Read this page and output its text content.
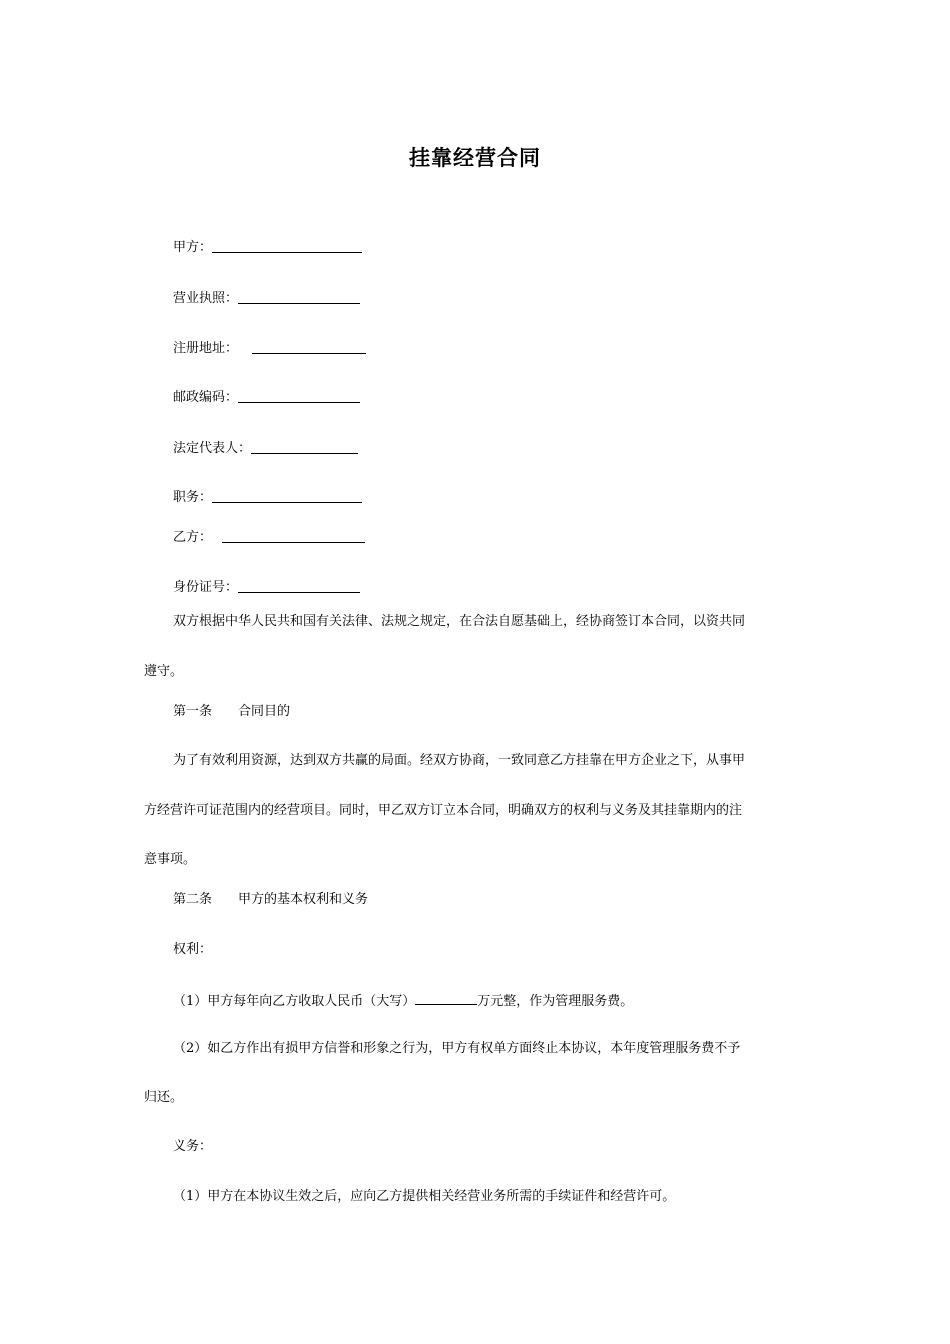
挂靠经营合同
甲方：
营业执照：
注册地址：
邮政编码：
法定代表人：
职务：
乙方：
身份证号：
双方根据中华人民共和国有关法律、法规之规定，在合法自愿基础上，经协商签订本合同，以资共同
遵守。
第一条　　合同目的
为了有效利用资源，达到双方共赢的局面。经双方协商，一致同意乙方挂靠在甲方企业之下，从事甲
方经营许可证范围内的经营项目。同时，甲乙双方订立本合同，明确双方的权利与义务及其挂靠期内的注
意事项。
第二条　　甲方的基本权利和义务
权利：
（1）甲方每年向乙方收取人民币（大写）	万元整，作为管理服务费。
（2）如乙方作出有损甲方信誉和形象之行为，甲方有权单方面终止本协议，本年度管理服务费不予
归还。
义务：
（1）甲方在本协议生效之后，应向乙方提供相关经营业务所需的手续证件和经营许可。
